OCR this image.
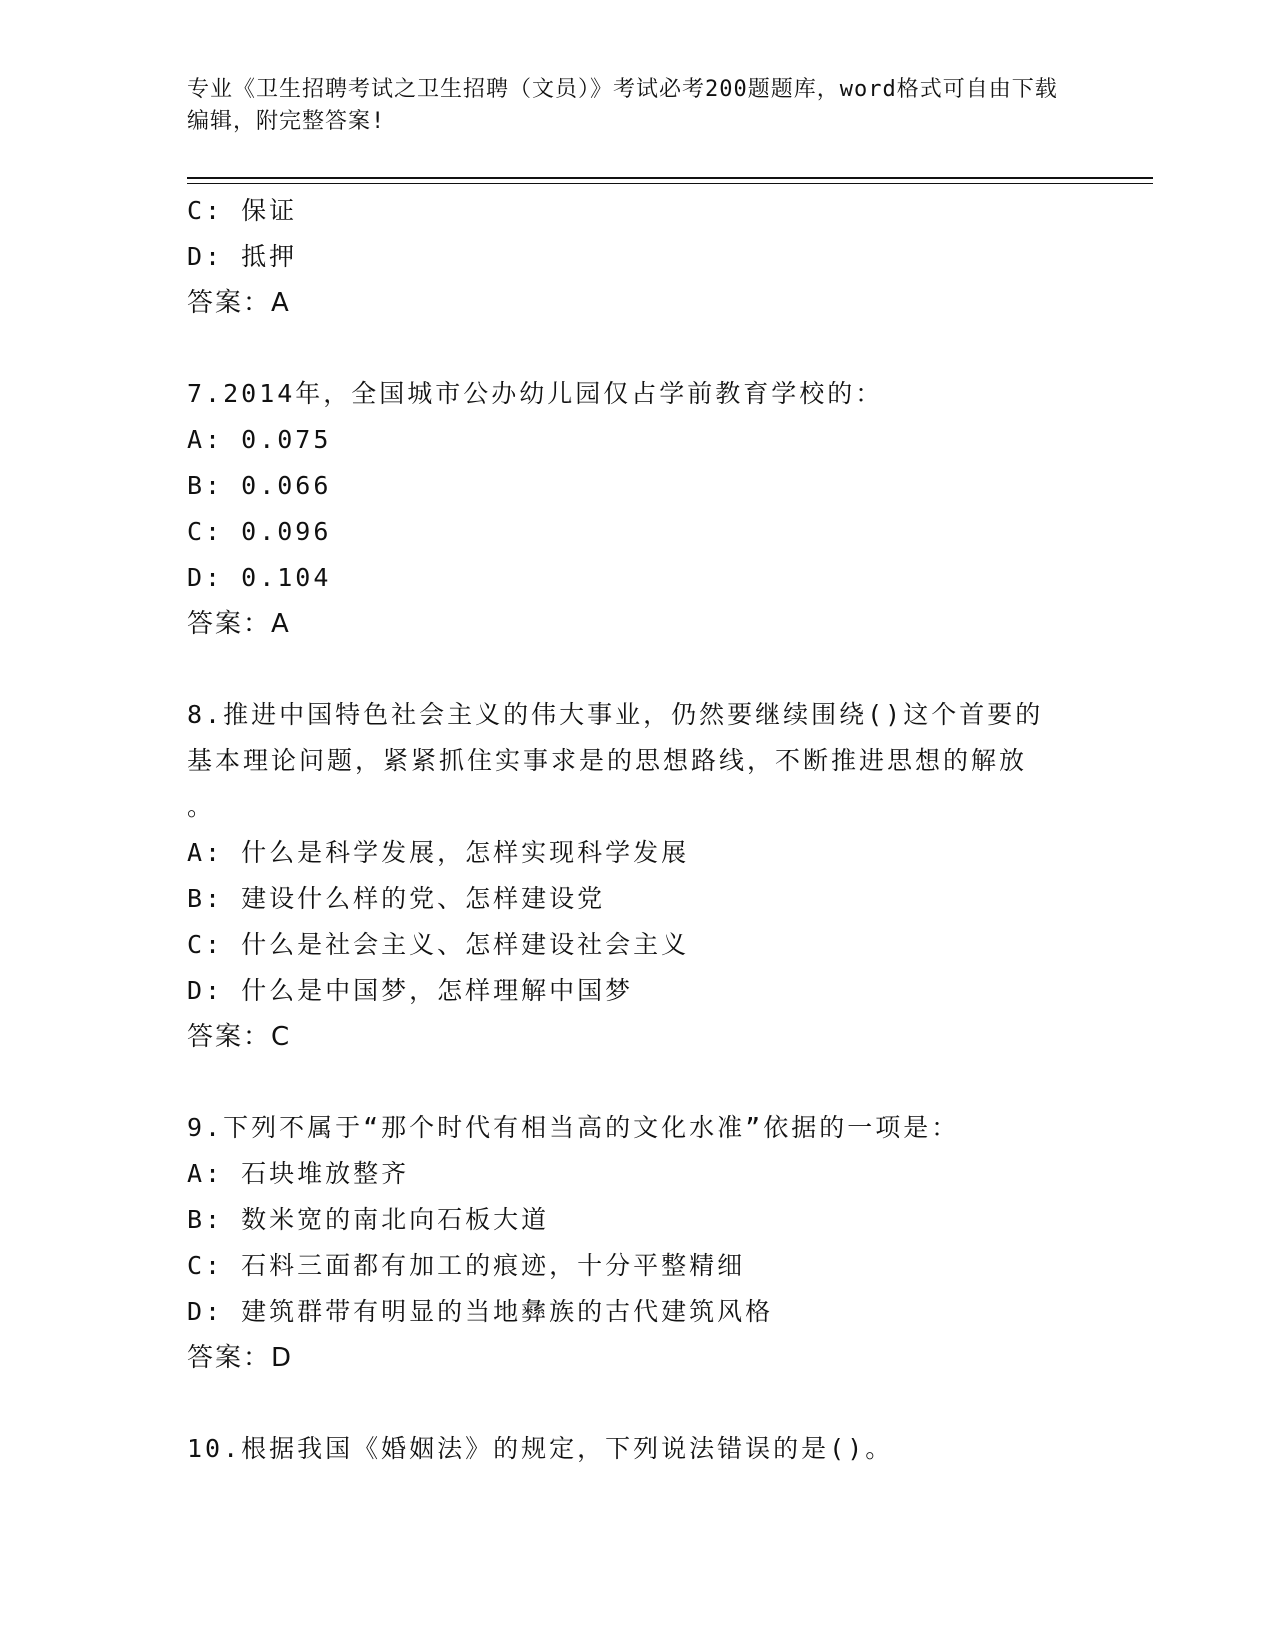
专业《卫生招聘考试之卫生招聘（文员）》考试必考200题题库，word格式可自由下载编辑，附完整答案!
C: 保证
D: 抵押
答案：A
7.2014年，全国城市公办幼儿园仅占学前教育学校的：
A: 0.075
B: 0.066
C: 0.096
D: 0.104
答案：A
8.推进中国特色社会主义的伟大事业，仍然要继续围绕()这个首要的
基本理论问题，紧紧抓住实事求是的思想路线，不断推进思想的解放
。
A: 什么是科学发展，怎样实现科学发展
B: 建设什么样的党、怎样建设党
C: 什么是社会主义、怎样建设社会主义
D: 什么是中国梦，怎样理解中国梦
答案：C
9.下列不属于“那个时代有相当高的文化水准”依据的一项是：
A: 石块堆放整齐
B: 数米宽的南北向石板大道
C: 石料三面都有加工的痕迹，十分平整精细
D: 建筑群带有明显的当地彝族的古代建筑风格
答案：D
10.根据我国《婚姻法》的规定，下列说法错误的是()。
